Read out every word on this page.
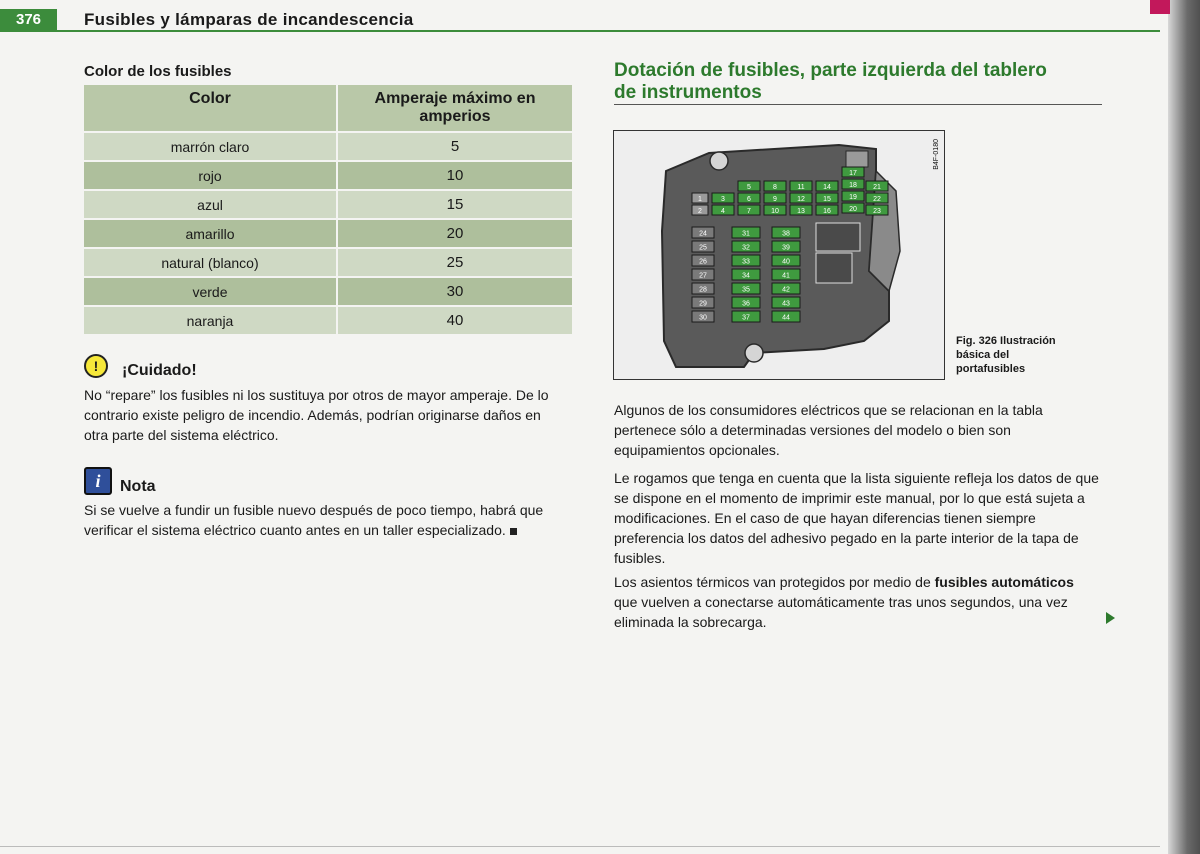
376	Fusibles y lámparas de incandescencia
Color de los fusibles
Color	Amperaje máximo en amperios
marrón claro	5
rojo	10
azul	15
amarillo	20
natural (blanco)	25
verde	30
naranja	40
!	¡Cuidado!
No “repare” los fusibles ni los sustituya por otros de mayor amperaje. De lo contrario existe peligro de incendio. Además, podrían originarse daños en otra parte del sistema eléctrico.
i	Nota
Si se vuelve a fundir un fusible nuevo después de poco tiempo, habrá que verificar el sistema eléctrico cuanto antes en un taller especializado.
Dotación de fusibles, parte izquierda del tablero de instrumentos
1
2
3
4
5
6
7
8
9
10
11
12
13
14
15
16
17
18
19
20
21
22
23
24
25
26
27
28
29
30
31
32
33
34
35
36
37
38
39
40
41
42
43
44
B4F-0180
Fig. 326 Ilustración básica del portafusibles
Algunos de los consumidores eléctricos que se relacionan en la tabla pertenece sólo a determinadas versiones del modelo o bien son equipamientos opcionales.
Le rogamos que tenga en cuenta que la lista siguiente refleja los datos de que se dispone en el momento de imprimir este manual, por lo que está sujeta a modificaciones. En el caso de que hayan diferencias tienen siempre preferencia los datos del adhesivo pegado en la parte interior de la tapa de fusibles.
Los asientos térmicos van protegidos por medio de fusibles automáticos que vuelven a conectarse automáticamente tras unos segundos, una vez eliminada la sobrecarga.
